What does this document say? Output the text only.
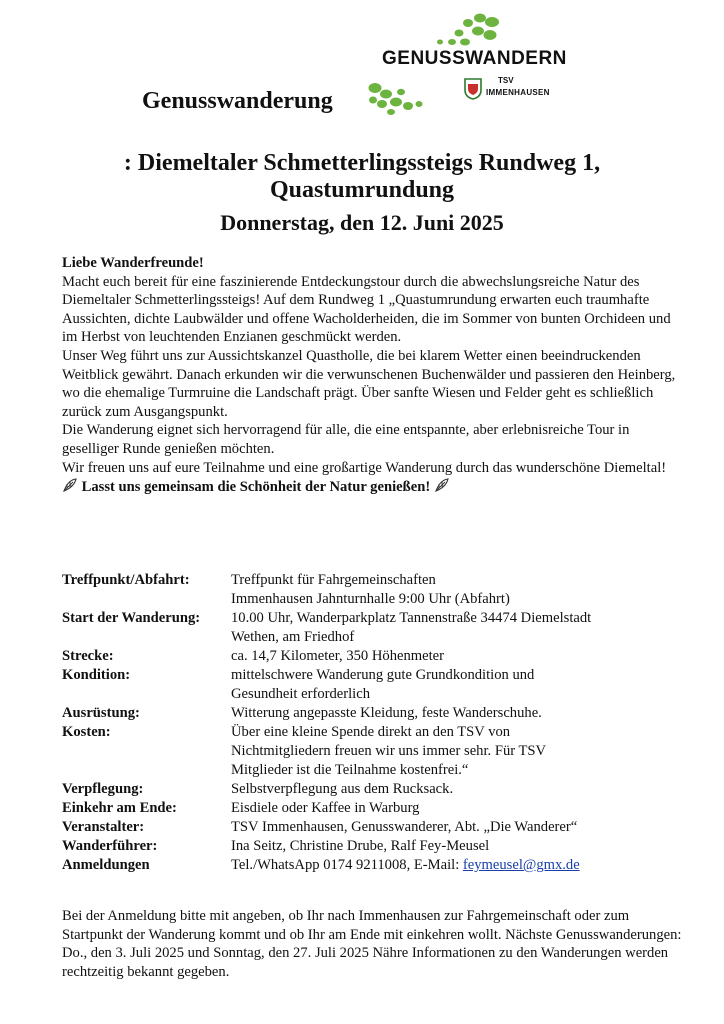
Genusswanderung
GENUSSWANDERN
TSV
IMMENHAUSEN
: Diemeltaler Schmetterlingssteigs Rundweg 1,
Quastumrundung
Donnerstag, den 12. Juni 2025

Liebe Wanderfreunde!

Macht euch bereit für eine faszinierende Entdeckungstour durch die abwechslungsreiche Natur des Diemeltaler Schmetterlingssteigs! Auf dem Rundweg 1 „Quastumrundung erwarten euch traumhafte Aussichten, dichte Laubwälder und offene Wacholderheiden, die im Sommer von bunten Orchideen und im Herbst von leuchtenden Enzianen geschmückt werden.

Unser Weg führt uns zur Aussichtskanzel Quastholle, die bei klarem Wetter einen beeindruckenden Weitblick gewährt. Danach erkunden wir die verwunschenen Buchenwälder und passieren den Heinberg, wo die ehemalige Turmruine die Landschaft prägt. Über sanfte Wiesen und Felder geht es schließlich zurück zum Ausgangspunkt.

Die Wanderung eignet sich hervorragend für alle, die eine entspannte, aber erlebnisreiche Tour in geselliger Runde genießen möchten.

Wir freuen uns auf eure Teilnahme und eine großartige Wanderung durch das wunderschöne Diemeltal!

Lasst uns gemeinsam die Schönheit der Natur genießen!

Treffpunkt/Abfahrt:	Treffpunkt für Fahrgemeinschaften
Immenhausen Jahnturnhalle 9:00 Uhr (Abfahrt)

Start der Wanderung:	10.00 Uhr, Wanderparkplatz Tannenstraße 34474 Diemelstadt
Wethen, am Friedhof

Strecke:	ca. 14,7 Kilometer, 350 Höhenmeter

Kondition:	mittelschwere Wanderung gute Grundkondition und
Gesundheit erforderlich

Ausrüstung:	Witterung angepasste Kleidung, feste Wanderschuhe.

Kosten:	Über eine kleine Spende direkt an den TSV von
Nichtmitgliedern freuen wir uns immer sehr. Für TSV
Mitglieder ist die Teilnahme kostenfrei.“

Verpflegung:	Selbstverpflegung aus dem Rucksack.

Einkehr am Ende:	Eisdiele oder Kaffee in Warburg

Veranstalter:	TSV Immenhausen, Genusswanderer, Abt. „Die Wanderer“

Wanderführer:	Ina Seitz, Christine Drube, Ralf Fey-Meusel

Anmeldungen	Tel./WhatsApp 0174 9211008, E-Mail: feymeusel@gmx.de

Bei der Anmeldung bitte mit angeben, ob Ihr nach Immenhausen zur Fahrgemeinschaft oder zum Startpunkt der Wanderung kommt und ob Ihr am Ende mit einkehren wollt. Nächste Genusswanderungen: Do., den 3. Juli 2025 und Sonntag, den 27. Juli 2025 Nähre Informationen zu den Wanderungen werden rechtzeitig bekannt gegeben.
